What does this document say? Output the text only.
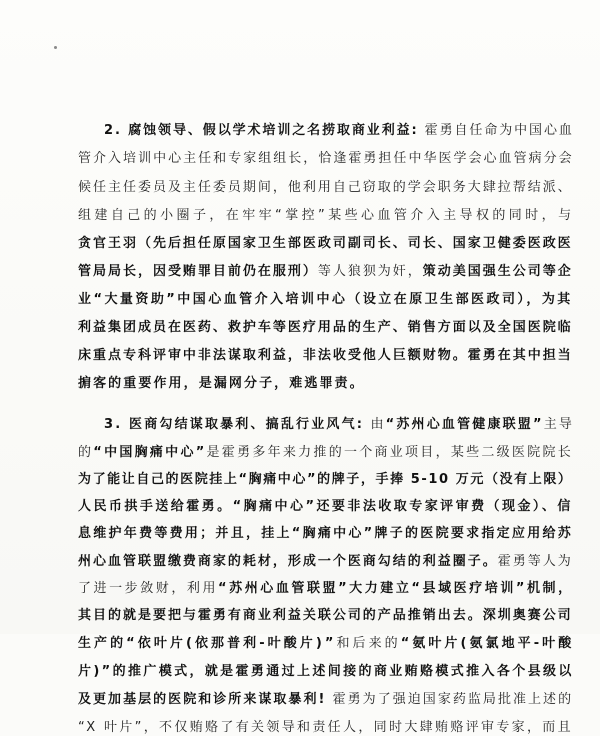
2. 腐蚀领导、假以学术培训之名捞取商业利益: 霍勇自任命为中国心血
管介入培训中心主任和专家组组长，恰逢霍勇担任中华医学会心血管病分会
候任主任委员及主任委员期间，他利用自己窃取的学会职务大肆拉帮结派、
组建自己的小圈子，在牢牢“掌控”某些心血管介入主导权的同时，与
贪官王羽（先后担任原国家卫生部医政司副司长、司长、国家卫健委医政医
管局局长，因受贿罪目前仍在服刑）等人狼狈为奸，策动美国强生公司等企
业“大量资助”中国心血管介入培训中心（设立在原卫生部医政司），为其
利益集团成员在医药、救护车等医疗用品的生产、销售方面以及全国医院临
床重点专科评审中非法谋取利益，非法收受他人巨额财物。霍勇在其中担当
掮客的重要作用，是漏网分子，难逃罪责。
3. 医商勾结谋取暴利、搞乱行业风气: 由“苏州心血管健康联盟”主导
的“中国胸痛中心”是霍勇多年来力推的一个商业项目，某些二级医院院长
为了能让自己的医院挂上“胸痛中心”的牌子，手捧 5-10 万元（没有上限）
人民币拱手送给霍勇。“胸痛中心”还要非法收取专家评审费（现金）、信
息维护年费等费用；并且，挂上“胸痛中心”牌子的医院要求指定应用给苏
州心血管联盟缴费商家的耗材，形成一个医商勾结的利益圈子。霍勇等人为
了进一步敛财，利用“苏州心血管联盟”大力建立“县域医疗培训”机制，
其目的就是要把与霍勇有商业利益关联公司的产品推销出去。深圳奥赛公司
生产的“依叶片(依那普利-叶酸片)”和后来的“氨叶片(氨氯地平-叶酸
片)”的推广模式，就是霍勇通过上述间接的商业贿赂模式推入各个县级以
及更加基层的医院和诊所来谋取暴利! 霍勇为了强迫国家药监局批准上述的
“X 叶片”，不仅贿赂了有关领导和责任人，同时大肆贿赂评审专家，而且
